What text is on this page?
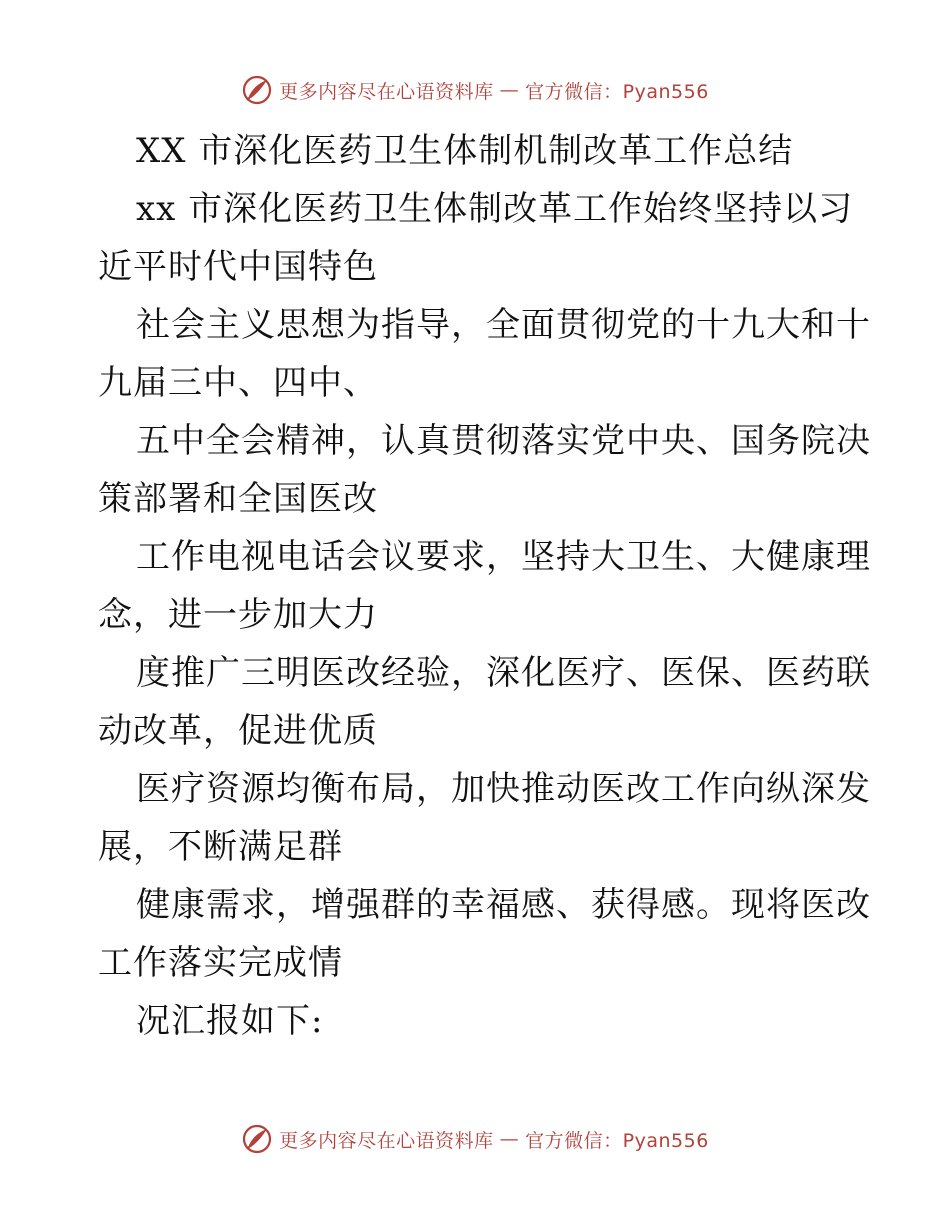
更多内容尽在心语资料库 — 官方微信：Pyan556

XX 市深化医药卫生体制机制改革工作总结

xx 市深化医药卫生体制改革工作始终坚持以习

近平时代中国特色

社会主义思想为指导，全面贯彻党的十九大和十

九届三中、四中、

五中全会精神，认真贯彻落实党中央、国务院决

策部署和全国医改

工作电视电话会议要求，坚持大卫生、大健康理

念，进一步加大力

度推广三明医改经验，深化医疗、医保、医药联

动改革，促进优质

医疗资源均衡布局，加快推动医改工作向纵深发

展，不断满足群

健康需求，增强群的幸福感、获得感。现将医改

工作落实完成情

况汇报如下:

更多内容尽在心语资料库 — 官方微信：Pyan556
